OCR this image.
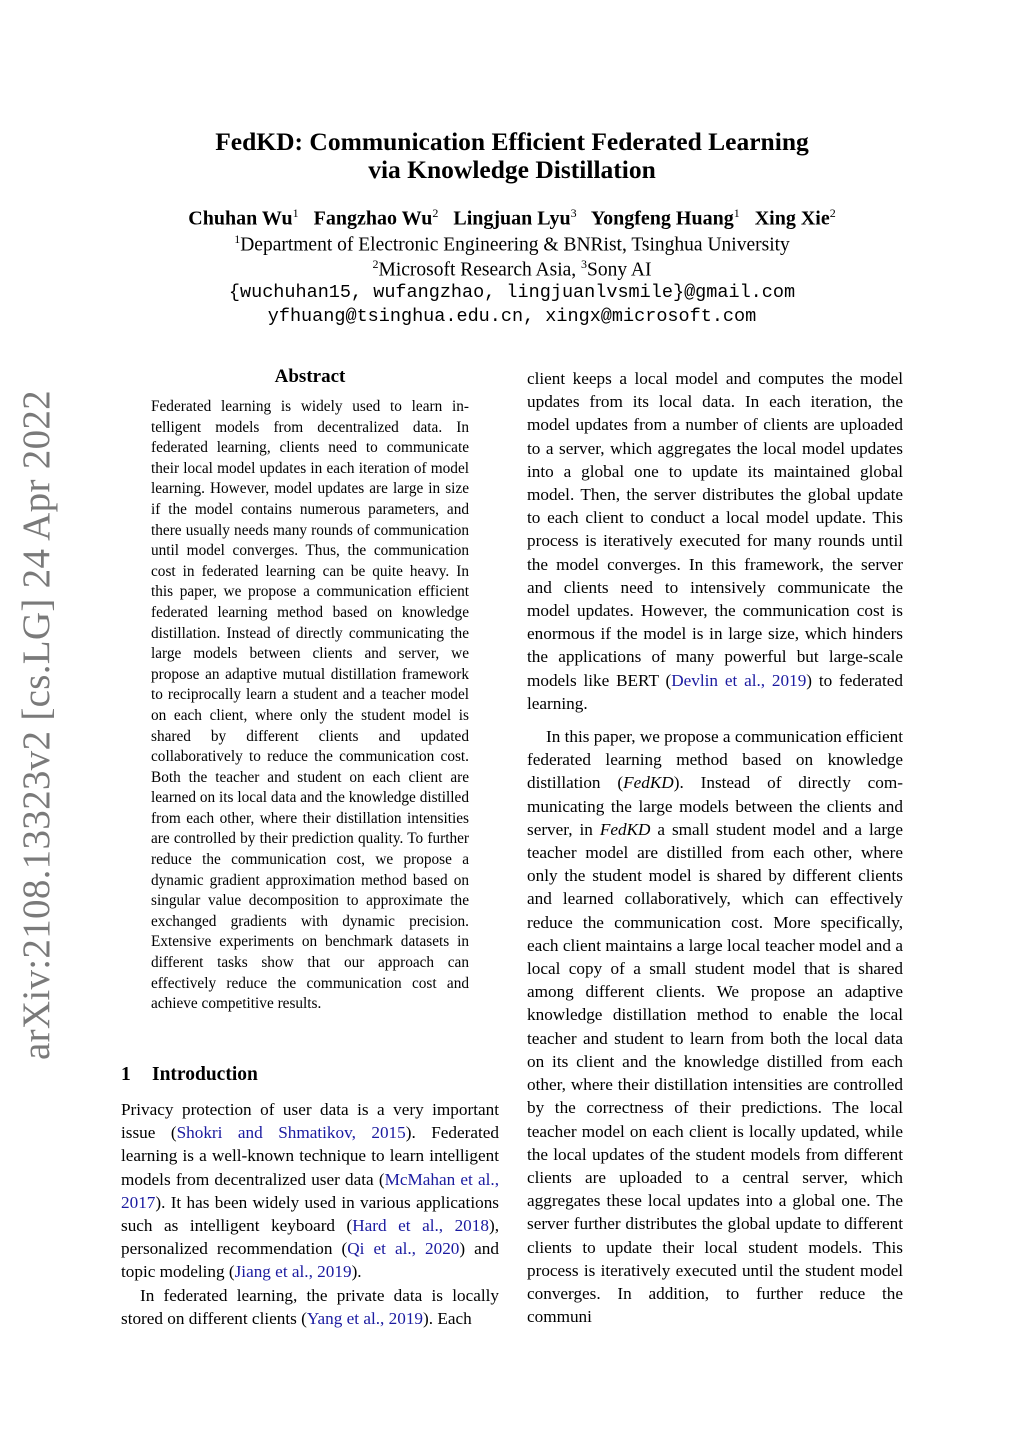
arXiv:2108.13323v2 [cs.LG] 24 Apr 2022
FedKD: Communication Efficient Federated Learning
via Knowledge Distillation
Chuhan Wu$^1$ Fangzhao Wu$^2$ Lingjuan Lyu$^3$ Yongfeng Huang$^1$ Xing Xie$^2$
$^1$Department of Electronic Engineering & BNRist, Tsinghua University
$^2$Microsoft Research Asia, $^3$Sony AI
{wuchuhan15, wufangzhao, lingjuanlvsmile}@gmail.com
yfhuang@tsinghua.edu.cn, xingx@microsoft.com
Abstract
Federated learning is widely used to learn intelligent models from decentralized data. In federated learning, clients need to communicate their local model updates in each iteration of model learning. However, model updates are large in size if the model contains numerous parameters, and there usually needs many rounds of communication until model converges. Thus, the communication cost in federated learning can be quite heavy. In this paper, we propose a communication efficient federated learning method based on knowledge distillation. Instead of directly communicating the large models between clients and server, we propose an adaptive mutual distillation framework to reciprocally learn a student and a teacher model on each client, where only the student model is shared by different clients and updated collaboratively to reduce the communication cost. Both the teacher and student on each client are learned on its local data and the knowledge distilled from each other, where their distillation intensities are controlled by their prediction quality. To further reduce the communication cost, we propose a dynamic gradient approximation method based on singular value decomposition to approximate the exchanged gradients with dynamic precision. Extensive experiments on benchmark datasets in different tasks show that our approach can effectively reduce the communication cost and achieve competitive results.
1 Introduction

Privacy protection of user data is a very important issue (Shokri and Shmatikov, 2015). Federated learning is a well-known technique to learn intelligent models from decentralized user data (McMahan et al., 2017). It has been widely used in various applications such as intelligent keyboard (Hard et al., 2018), personalized recommendation (Qi et al., 2020) and topic modeling (Jiang et al., 2019).

In federated learning, the private data is locally stored on different clients (Yang et al., 2019). Each

client keeps a local model and computes the model updates from its local data. In each iteration, the model updates from a number of clients are uploaded to a server, which aggregates the local model updates into a global one to update its maintained global model. Then, the server distributes the global update to each client to conduct a local model update. This process is iteratively executed for many rounds until the model converges. In this framework, the server and clients need to intensively communicate the model updates. However, the communication cost is enormous if the model is in large size, which hinders the applications of many powerful but large-scale models like BERT (Devlin et al., 2019) to federated learning.

In this paper, we propose a communication efficient federated learning method based on knowledge distillation (FedKD). Instead of directly communicating the large models between the clients and server, in FedKD a small student model and a large teacher model are distilled from each other, where only the student model is shared by different clients and learned collaboratively, which can effectively reduce the communication cost. More specifically, each client maintains a large local teacher model and a local copy of a small student model that is shared among different clients. We propose an adaptive knowledge distillation method to enable the local teacher and student to learn from both the local data on its client and the knowledge distilled from each other, where their distillation intensities are controlled by the correctness of their predictions. The local teacher model on each client is locally updated, while the local updates of the student models from different clients are uploaded to a central server, which aggregates these local updates into a global one. The server further distributes the global update to different clients to update their local student models. This process is iteratively executed until the student model converges. In addition, to further reduce the communi
